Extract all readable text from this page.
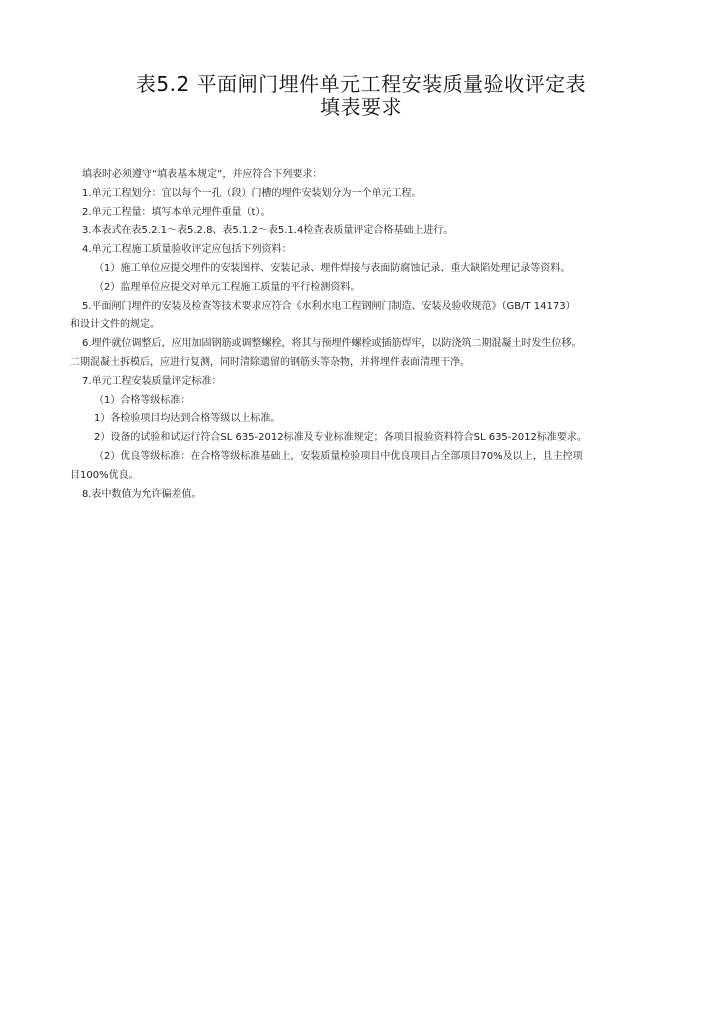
表5.2 平面闸门埋件单元工程安装质量验收评定表
填表要求

填表时必须遵守“填表基本规定”，并应符合下列要求：

1.单元工程划分：宜以每个一孔（段）门槽的埋件安装划分为一个单元工程。

2.单元工程量：填写本单元埋件重量（t）。

3.本表式在表5.2.1～表5.2.8、表5.1.2～表5.1.4检查表质量评定合格基础上进行。

4.单元工程施工质量验收评定应包括下列资料：

（1）施工单位应提交埋件的安装图样、安装记录、埋件焊接与表面防腐蚀记录、重大缺陷处理记录等资料。

（2）监理单位应提交对单元工程施工质量的平行检测资料。

5.平面闸门埋件的安装及检查等技术要求应符合《水利水电工程钢闸门制造、安装及验收规范》（GB/T 14173）

和设计文件的规定。

6.埋件就位调整后，应用加固钢筋或调整螺栓，将其与预埋件螺栓或插筋焊牢，以防浇筑二期混凝土时发生位移。

二期混凝土拆模后，应进行复测，同时清除遗留的钢筋头等杂物，并将埋件表面清理干净。

7.单元工程安装质量评定标准：

（1）合格等级标准：

1）各检验项目均达到合格等级以上标准。

2）设备的试验和试运行符合SL 635-2012标准及专业标准规定；各项目报验资料符合SL 635-2012标准要求。

（2）优良等级标准：在合格等级标准基础上，安装质量检验项目中优良项目占全部项目70%及以上，且主控项

目100%优良。

8.表中数值为允许偏差值。
